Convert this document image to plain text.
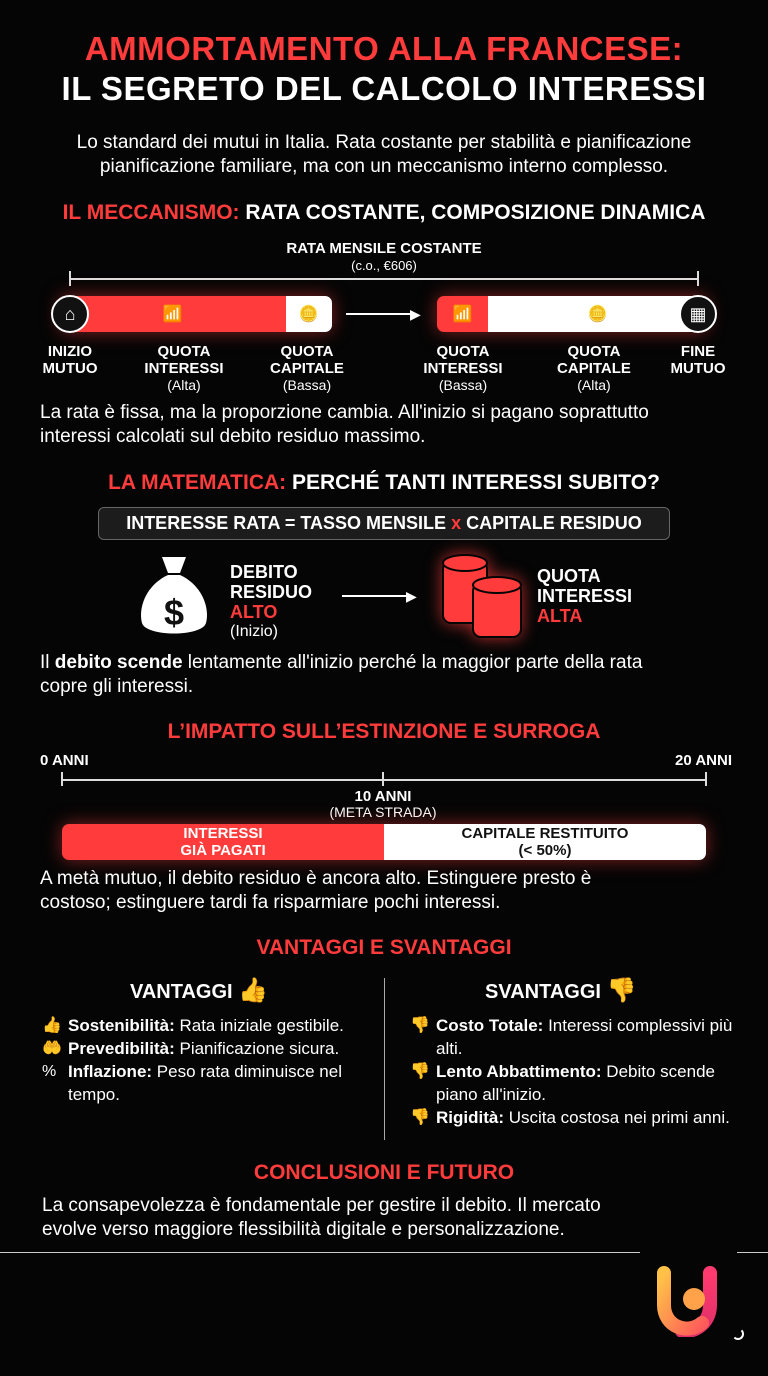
AMMORTAMENTO ALLA FRANCESE:
IL SEGRETO DEL CALCOLO INTERESSI
Lo standard dei mutui in Italia. Rata costante per stabilità e pianificazione
pianificazione familiare, ma con un meccanismo interno complesso.
IL MECCANISMO: RATA COSTANTE, COMPOSIZIONE DINAMICA
RATA MENSILE COSTANTE
(c.o., €606)
📶	🪙
⌂	▶ 📶	🪙	▦
INIZIO
MUTUO
QUOTA
INTERESSI
(Alta)
QUOTA
CAPITALE
(Bassa)
QUOTA
INTERESSI
(Bassa)
QUOTA
CAPITALE
(Alta)
FINE
MUTUO
La rata è fissa, ma la proporzione cambia. All'inizio si pagano soprattutto
interessi calcolati sul debito residuo massimo.
LA MATEMATICA: PERCHÉ TANTI INTERESSI SUBITO?
INTERESSE RATA = TASSO MENSILE x CAPITALE RESIDUO
$
DEBITO
RESIDUO
ALTO
(Inizio)
▶
QUOTA
INTERESSI
ALTA
Il debito scende lentamente all'inizio perché la maggior parte della rata
copre gli interessi.
L’IMPATTO SULL’ESTINZIONE E SURROGA
0 ANNI	20 ANNI
10 ANNI
(META STRADA)
INTERESSI
GIÀ PAGATI
CAPITALE RESTITUITO
(< 50%)
A metà mutuo, il debito residuo è ancora alto. Estinguere presto è
costoso; estinguere tardi fa risparmiare pochi interessi.
VANTAGGI E SVANTAGGI
VANTAGGI 👍	SVANTAGGI 👎
👍 Sostenibilità: Rata iniziale gestibile.
🤲 Prevedibilità: Pianificazione sicura.
% Inflazione: Peso rata diminuisce nel tempo.
👎 Costo Totale: Interessi complessivi più alti.
👎 Lento Abbattimento: Debito scende piano all'inizio.
👎 Rigidità: Uscita costosa nei primi anni.
CONCLUSIONI E FUTURO
La consapevolezza è fondamentale per gestire il debito. Il mercato
evolve verso maggiore flessibilità digitale e personalizzazione.
